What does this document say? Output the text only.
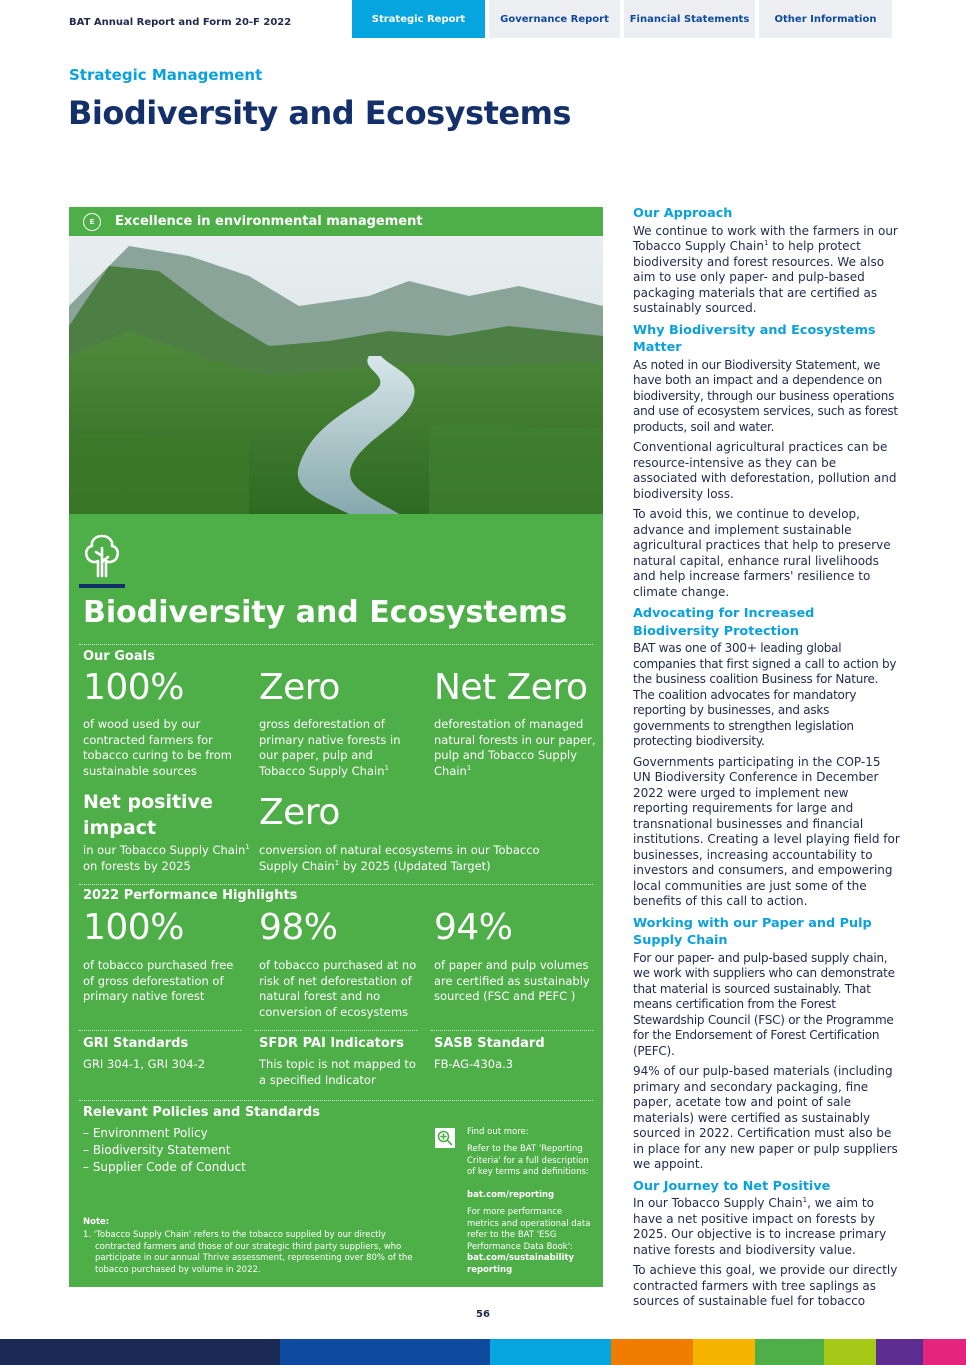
BAT Annual Report and Form 20-F 2022	Strategic Report	Governance Report	Financial Statements	Other Information
Strategic Management
Biodiversity and Ecosystems
E	Excellence in environmental management
Biodiversity and Ecosystems
Our Goals
100%
of wood used by our contracted farmers for tobacco curing to be from sustainable sources
Zero
gross deforestation of primary native forests in our paper, pulp and Tobacco Supply Chain$^1$
Net Zero
deforestation of managed natural forests in our paper, pulp and Tobacco Supply Chain$^1$
Net positive impact
in our Tobacco Supply Chain$^1$ on forests by 2025
Zero
conversion of natural ecosystems in our Tobacco Supply Chain$^1$ by 2025 (Updated Target)
2022 Performance Highlights
100%
of tobacco purchased free of gross deforestation of primary native forest
98%
of tobacco purchased at no risk of net deforestation of natural forest and no conversion of ecosystems
94%
of paper and pulp volumes are certified as sustainably sourced (FSC and PEFC )
GRI Standards
GRI 304-1, GRI 304-2
SFDR PAI Indicators
This topic is not mapped to a specified Indicator
SASB Standard
FB-AG-430a.3
Relevant Policies and Standards
– Environment Policy
– Biodiversity Statement
– Supplier Code of Conduct
Note:
1. 'Tobacco Supply Chain' refers to the tobacco supplied by our directly contracted farmers and those of our strategic third party suppliers, who participate in our annual Thrive assessment, representing over 80% of the tobacco purchased by volume in 2022.
Find out more:
Refer to the BAT 'Reporting Criteria' for a full description of key terms and definitions:
bat.com/reporting
For more performance metrics and operational data refer to the BAT 'ESG Performance Data Book':
bat.com/sustainability reporting
Our Approach

We continue to work with the farmers in our Tobacco Supply Chain$^1$ to help protect biodiversity and forest resources. We also aim to use only paper- and pulp-based packaging materials that are certified as sustainably sourced.

Why Biodiversity and Ecosystems Matter

As noted in our Biodiversity Statement, we have both an impact and a dependence on biodiversity, through our business operations and use of ecosystem services, such as forest products, soil and water.

Conventional agricultural practices can be resource-intensive as they can be associated with deforestation, pollution and biodiversity loss.

To avoid this, we continue to develop, advance and implement sustainable agricultural practices that help to preserve natural capital, enhance rural livelihoods and help increase farmers' resilience to climate change.

Advocating for Increased Biodiversity Protection

BAT was one of 300+ leading global companies that first signed a call to action by the business coalition Business for Nature. The coalition advocates for mandatory reporting by businesses, and asks governments to strengthen legislation protecting biodiversity.

Governments participating in the COP-15 UN Biodiversity Conference in December 2022 were urged to implement new reporting requirements for large and transnational businesses and financial institutions. Creating a level playing field for businesses, increasing accountability to investors and consumers, and empowering local communities are just some of the benefits of this call to action.

Working with our Paper and Pulp Supply Chain

For our paper- and pulp-based supply chain, we work with suppliers who can demonstrate that material is sourced sustainably. That means certification from the Forest Stewardship Council (FSC) or the Programme for the Endorsement of Forest Certification (PEFC).

94% of our pulp-based materials (including primary and secondary packaging, fine paper, acetate tow and point of sale materials) were certified as sustainably sourced in 2022. Certification must also be in place for any new paper or pulp suppliers we appoint.

Our Journey to Net Positive

In our Tobacco Supply Chain$^1$, we aim to have a net positive impact on forests by 2025. Our objective is to increase primary native forests and biodiversity value.

To achieve this goal, we provide our directly contracted farmers with tree saplings as sources of sustainable fuel for tobacco

56
